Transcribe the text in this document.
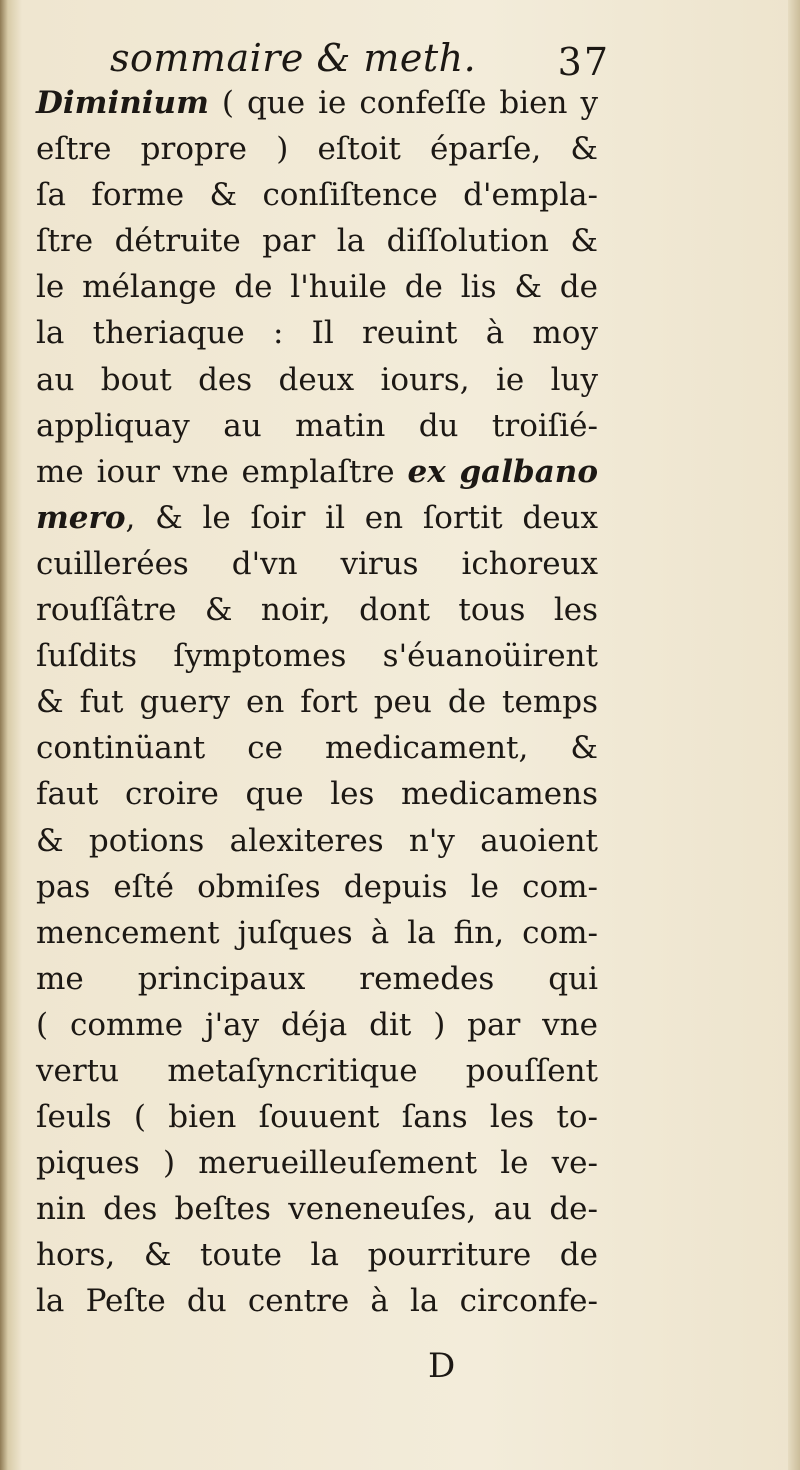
sommaire & meth. 37
Diminium ( que ie confeſſe bien y
eſtre propre ) eſtoit éparſe, &
ſa forme & conſiſtence d'empla-
ſtre détruite par la diſſolution &
le mélange de l'huile de lis & de
la theriaque : Il reuint à moy
au bout des deux iours, ie luy
appliquay au matin du troiſié-
me iour vne emplaſtre ex galbano
mero, & le ſoir il en ſortit deux
cuillerées d'vn virus ichoreux
rouſſâtre & noir, dont tous les
ſuſdits ſymptomes s'éuanoüirent
& fut guery en fort peu de temps
continüant ce medicament, &
faut croire que les medicamens
& potions alexiteres n'y auoient
pas eſté obmiſes depuis le com-
mencement juſques à la fin, com-
me principaux remedes qui
( comme j'ay déja dit ) par vne
vertu metaſyncritique pouſſent
ſeuls ( bien ſouuent ſans les to-
piques ) merueilleuſement le ve-
nin des beſtes veneneuſes, au de-
hors, & toute la pourriture de
la Peſte du centre à la circonfe-
D
